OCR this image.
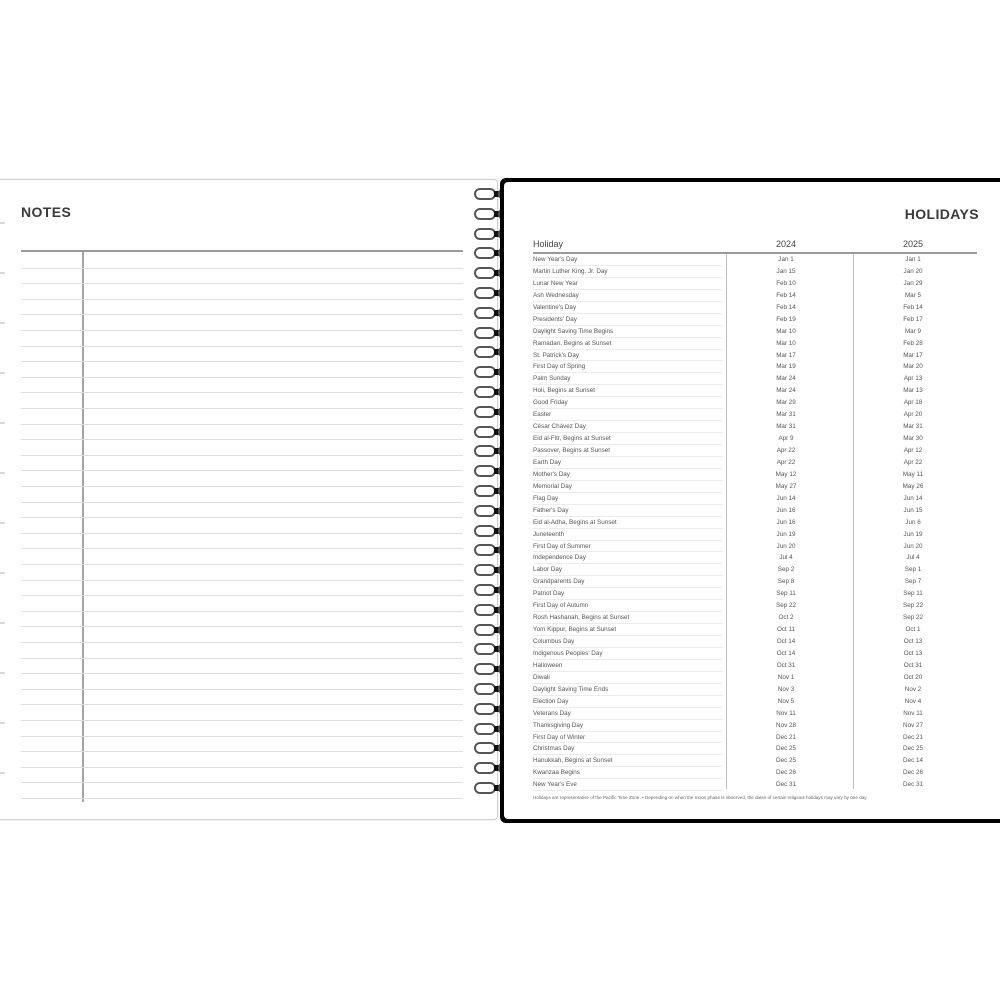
NOTES	HOLIDAYS
Holiday	2024	2025
New Year's Day	Jan 1	Jan 1
Martin Luther King, Jr. Day	Jan 15	Jan 20
Lunar New Year	Feb 10	Jan 29
Ash Wednesday	Feb 14	Mar 5
Valentine's Day	Feb 14	Feb 14
Presidents' Day	Feb 19	Feb 17
Daylight Saving Time Begins	Mar 10	Mar 9
Ramadan, Begins at Sunset	Mar 10	Feb 28
St. Patrick's Day	Mar 17	Mar 17
First Day of Spring	Mar 19	Mar 20
Palm Sunday	Mar 24	Apr 13
Holi, Begins at Sunset	Mar 24	Mar 13
Good Friday	Mar 29	Apr 18
Easter	Mar 31	Apr 20
César Chávez Day	Mar 31	Mar 31
Eid al-Fitr, Begins at Sunset	Apr 9	Mar 30
Passover, Begins at Sunset	Apr 22	Apr 12
Earth Day	Apr 22	Apr 22
Mother's Day	May 12	May 11
Memorial Day	May 27	May 26
Flag Day	Jun 14	Jun 14
Father's Day	Jun 16	Jun 15
Eid al-Adha, Begins at Sunset	Jun 16	Jun 6
Juneteenth	Jun 19	Jun 19
First Day of Summer	Jun 20	Jun 20
Independence Day	Jul 4	Jul 4
Labor Day	Sep 2	Sep 1
Grandparents Day	Sep 8	Sep 7
Patriot Day	Sep 11	Sep 11
First Day of Autumn	Sep 22	Sep 22
Rosh Hashanah, Begins at Sunset	Oct 2	Sep 22
Yom Kippur, Begins at Sunset	Oct 11	Oct 1
Columbus Day	Oct 14	Oct 13
Indigenous Peoples' Day	Oct 14	Oct 13
Halloween	Oct 31	Oct 31
Diwali	Nov 1	Oct 20
Daylight Saving Time Ends	Nov 3	Nov 2
Election Day	Nov 5	Nov 4
Veterans Day	Nov 11	Nov 11
Thanksgiving Day	Nov 28	Nov 27
First Day of Winter	Dec 21	Dec 21
Christmas Day	Dec 25	Dec 25
Hanukkah, Begins at Sunset	Dec 25	Dec 14
Kwanzaa Begins	Dec 26	Dec 26
New Year's Eve	Dec 31	Dec 31
Holidays are representative of the Pacific Time Zone. • Depending on when the moon phase is observed, the dates of certain religious holidays may vary by one day.
